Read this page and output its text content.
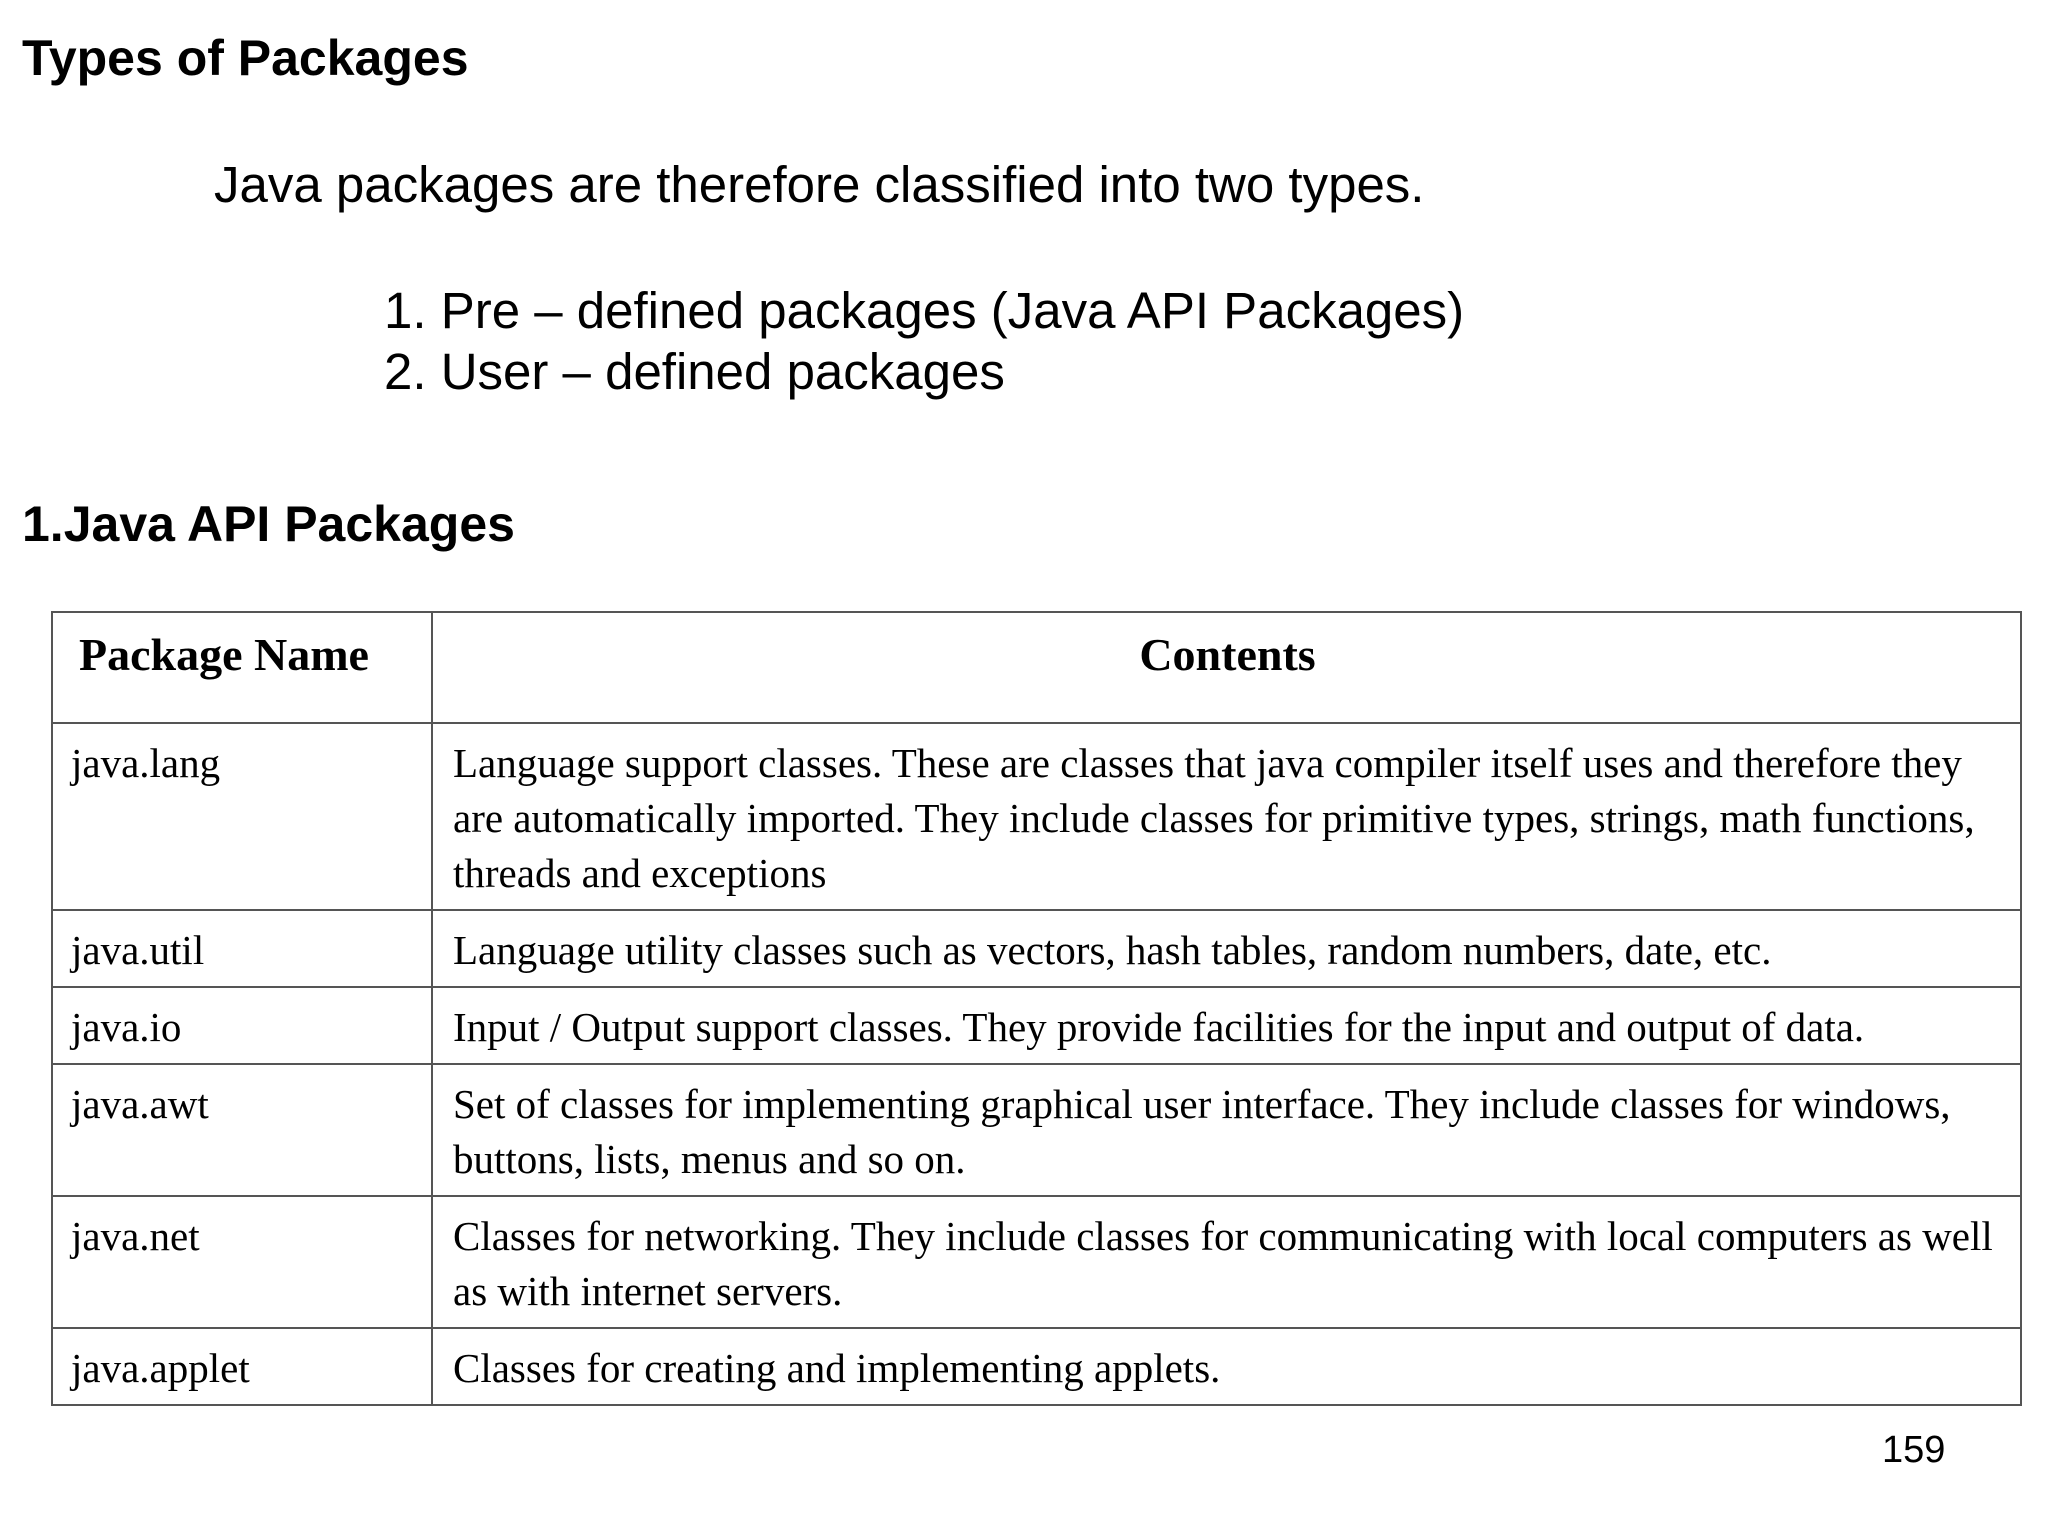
Types of Packages
Java packages are therefore classified into two types.
1. Pre – defined packages (Java API Packages)
2. User – defined packages
1.Java API Packages
Package Name	Contents
java.lang	Language support classes. These are classes that java compiler itself uses and therefore they are automatically imported. They include classes for primitive types, strings, math functions, threads and exceptions
java.util	Language utility classes such as vectors, hash tables, random numbers, date, etc.
java.io	Input / Output support classes. They provide facilities for the input and output of data.
java.awt	Set of classes for implementing graphical user interface. They include classes for windows, buttons, lists, menus and so on.
java.net	Classes for networking. They include classes for communicating with local computers as well as with internet servers.
java.applet	Classes for creating and implementing applets.
159
